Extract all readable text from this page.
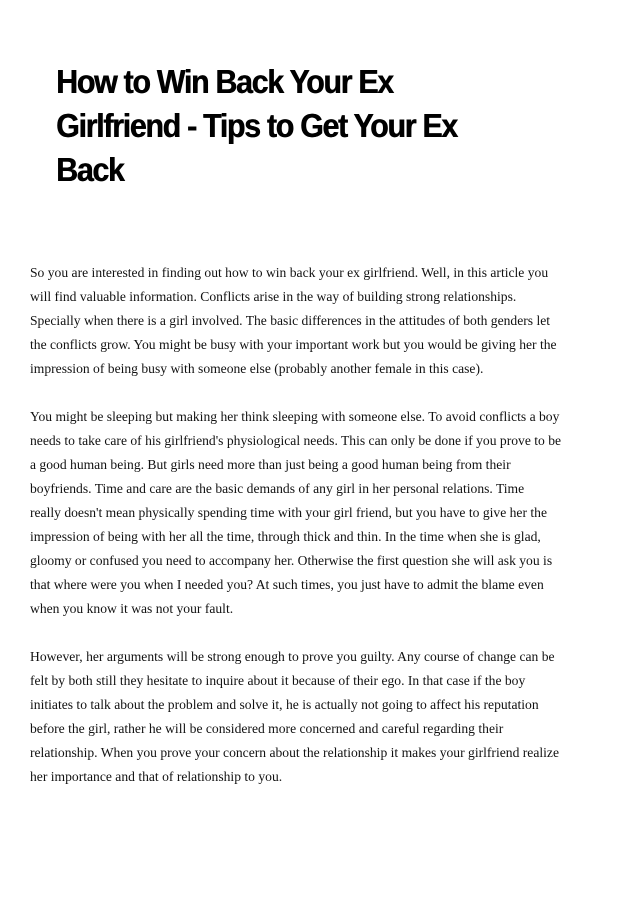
How to Win Back Your Ex
Girlfriend - Tips to Get Your Ex
Back

So you are interested in finding out how to win back your ex girlfriend. Well, in this article you
will find valuable information. Conflicts arise in the way of building strong relationships.
Specially when there is a girl involved. The basic differences in the attitudes of both genders let
the conflicts grow. You might be busy with your important work but you would be giving her the
impression of being busy with someone else (probably another female in this case).

You might be sleeping but making her think sleeping with someone else. To avoid conflicts a boy
needs to take care of his girlfriend's physiological needs. This can only be done if you prove to be
a good human being. But girls need more than just being a good human being from their
boyfriends. Time and care are the basic demands of any girl in her personal relations. Time
really doesn't mean physically spending time with your girl friend, but you have to give her the
impression of being with her all the time, through thick and thin. In the time when she is glad,
gloomy or confused you need to accompany her. Otherwise the first question she will ask you is
that where were you when I needed you? At such times, you just have to admit the blame even
when you know it was not your fault.

However, her arguments will be strong enough to prove you guilty. Any course of change can be
felt by both still they hesitate to inquire about it because of their ego. In that case if the boy
initiates to talk about the problem and solve it, he is actually not going to affect his reputation
before the girl, rather he will be considered more concerned and careful regarding their
relationship. When you prove your concern about the relationship it makes your girlfriend realize
her importance and that of relationship to you.
